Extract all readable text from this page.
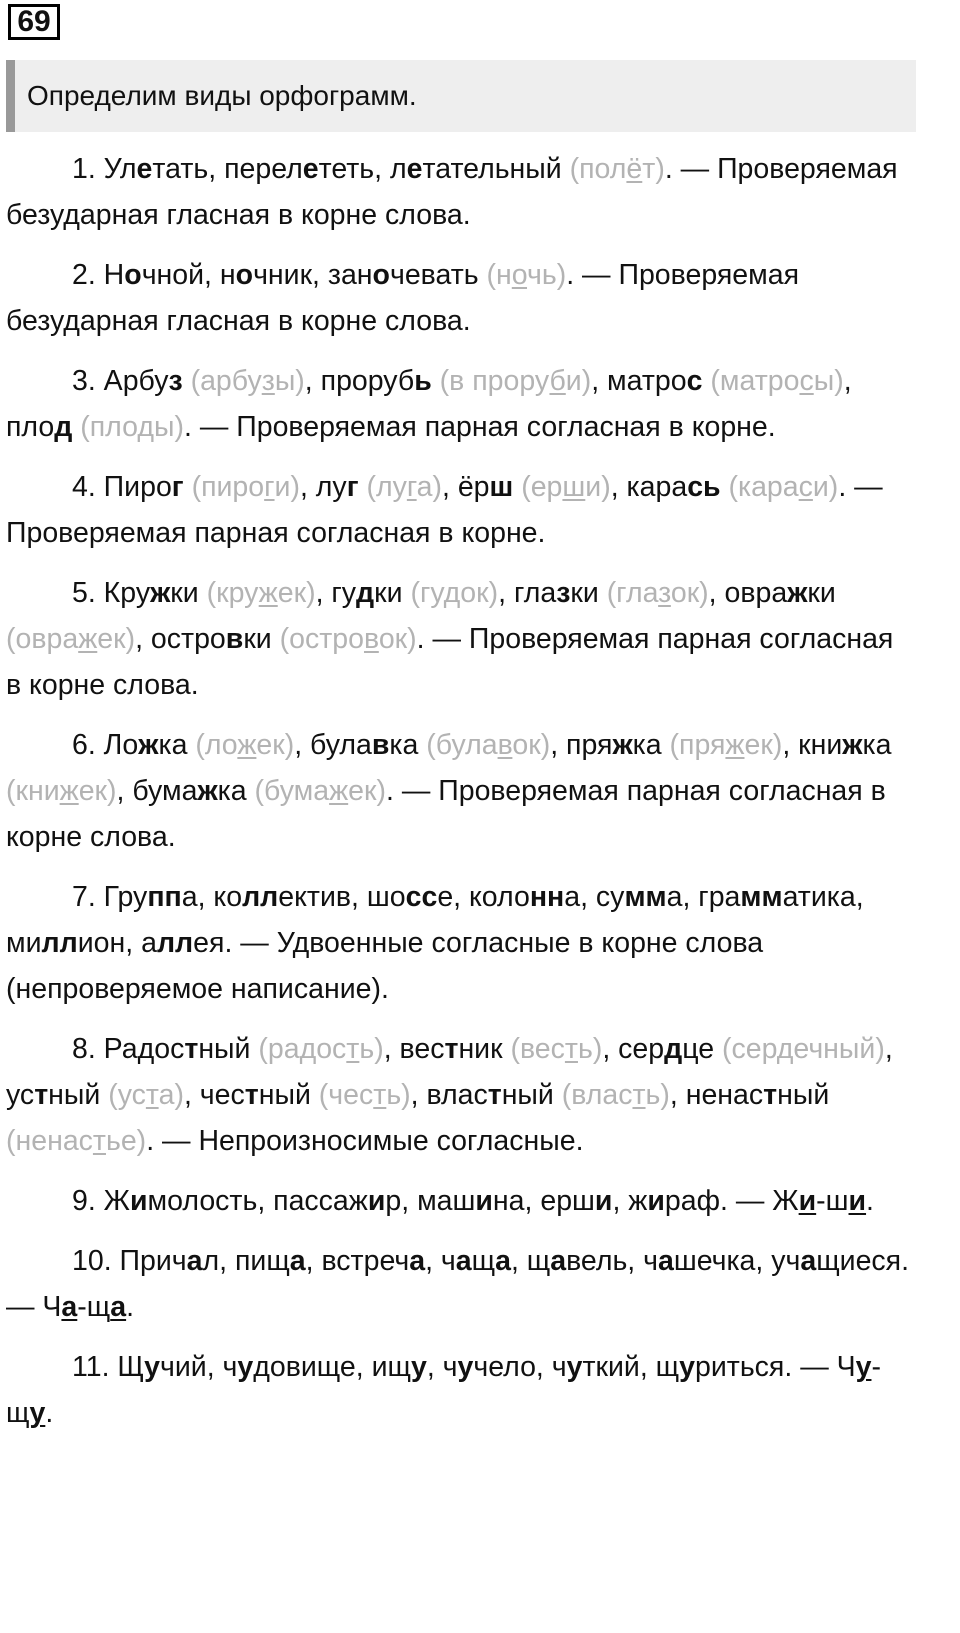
69
Определим виды орфограмм.

1. Улетать, перелететь, летательный (полёт). — Проверяемая безударная гласная в корне слова.

2. Ночной, ночник, заночевать (ночь). — Проверяемая безударная гласная в корне слова.

3. Арбуз (арбузы), прорубь (в проруби), матрос (матросы), плод (плоды). — Проверяемая парная согласная в корне.

4. Пирог (пироги), луг (луга), ёрш (ерши), карась (караси). — Проверяемая парная согласная в корне.

5. Кружки (кружек), гудки (гудок), глазки (глазок), овражки (овражек), островки (островок). — Проверяемая парная согласная в корне слова.

6. Ложка (ложек), булавка (булавок), пряжка (пряжек), книжка (книжек), бумажка (бумажек). — Проверяемая парная согласная в корне слова.

7. Группа, коллектив, шоссе, колонна, сумма, грамматика, миллион, аллея. — Удвоенные согласные в корне слова (непроверяемое написание).

8. Радостный (радость), вестник (весть), сердце (сердечный), устный (уста), честный (честь), властный (власть), ненастный (ненастье). — Непроизносимые согласные.

9. Жимолость, пассажир, машина, ерши, жираф. — Жи-ши.

10. Причал, пища, встреча, чаща, щавель, чашечка, учащиеся. — Ча-ща.

11. Щучий, чудовище, ищу, чучело, чуткий, щуриться. — Чу-щу.
